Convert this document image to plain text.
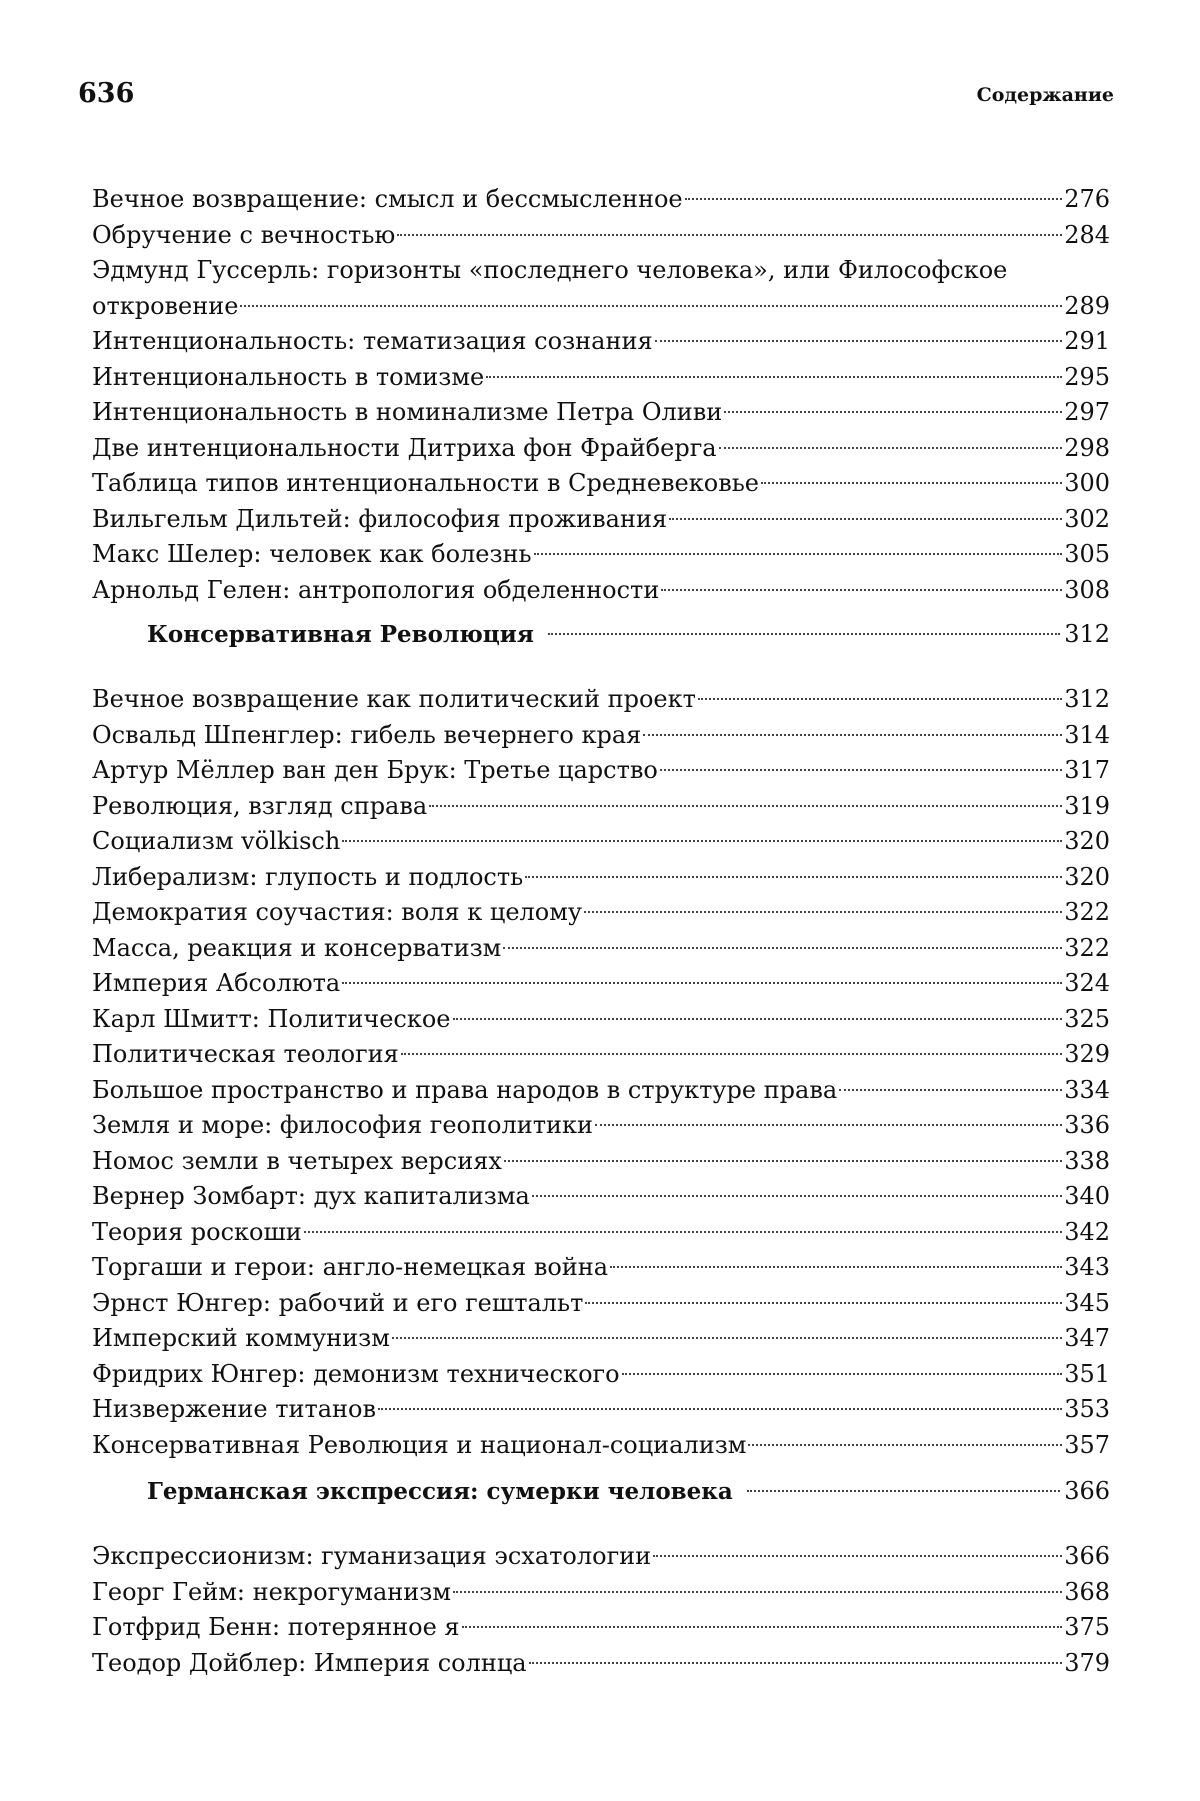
636	Содержание
Вечное возвращение: смысл и бессмысленное	276
Обручение с вечностью	284
Эдмунд Гуссерль: горизонты «последнего человека», или Философское
откровение	289
Интенциональность: тематизация сознания	291
Интенциональность в томизме	295
Интенциональность в номинализме Петра Оливи	297
Две интенциональности Дитриха фон Фрайберга	298
Таблица типов интенциональности в Средневековье	300
Вильгельм Дильтей: философия проживания	302
Макс Шелер: человек как болезнь	305
Арнольд Гелен: антропология обделенности	308
Консервативная Революция	312
Вечное возвращение как политический проект	312
Освальд Шпенглер: гибель вечернего края	314
Артур Мёллер ван ден Брук: Третье царство	317
Революция, взгляд справа	319
Социализм völkisch	320
Либерализм: глупость и подлость	320
Демократия соучастия: воля к целому	322
Масса, реакция и консерватизм	322
Империя Абсолюта	324
Карл Шмитт: Политическое	325
Политическая теология	329
Большое пространство и права народов в структуре права	334
Земля и море: философия геополитики	336
Номос земли в четырех версиях	338
Вернер Зомбарт: дух капитализма	340
Теория роскоши	342
Торгаши и герои: англо-немецкая война	343
Эрнст Юнгер: рабочий и его гештальт	345
Имперский коммунизм	347
Фридрих Юнгер: демонизм технического	351
Низвержение титанов	353
Консервативная Революция и национал-социализм	357
Германская экспрессия: сумерки человека	366
Экспрессионизм: гуманизация эсхатологии	366
Георг Гейм: некрогуманизм	368
Готфрид Бенн: потерянное я	375
Теодор Дойблер: Империя солнца	379
